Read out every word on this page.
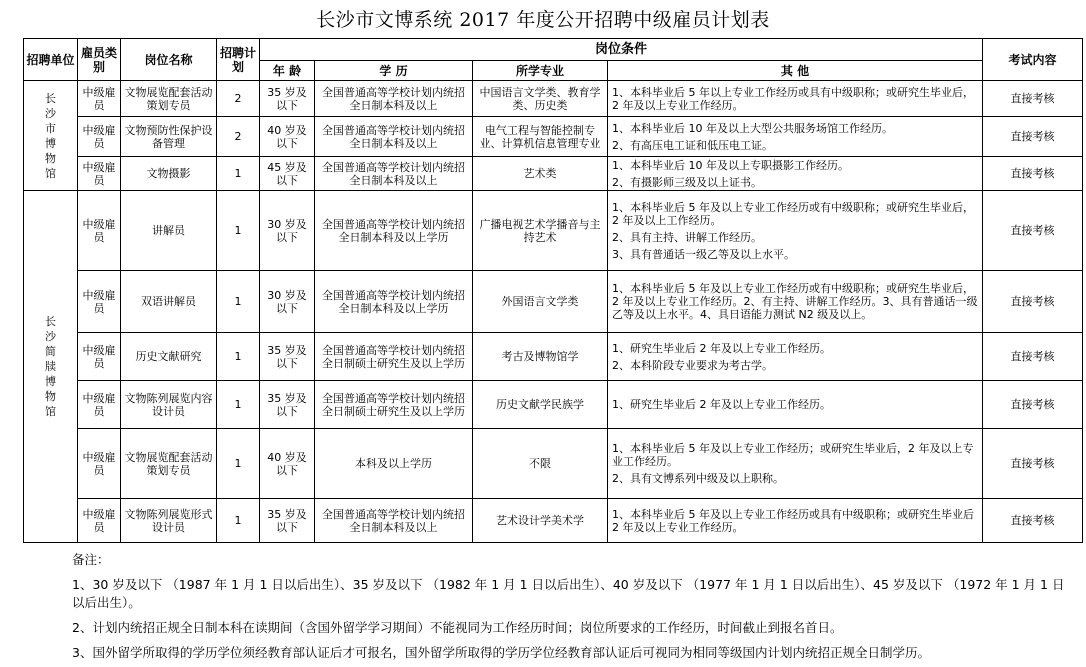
长沙市文博系统 2017 年度公开招聘中级雇员计划表
招聘单位	雇员类别	岗位名称	招聘计划	岗位条件				考试内容
				年 龄	学 历	所学专业	其 他	
长沙市博物馆	中级雇员	文物展览配套活动策划专员	2	35 岁及以下	全国普通高等学校计划内统招全日制本科及以上	中国语言文学类、教育学类、历史类	1、本科毕业后 5 年以上专业工作经历或具有中级职称；或研究生毕业后，2 年及以上专业工作经历。	直接考核
	中级雇员	文物预防性保护设备管理	2	40 岁及以下	全国普通高等学校计划内统招全日制本科及以上	电气工程与智能控制专业、计算机信息管理专业	1、本科毕业后 10 年及以上大型公共服务场馆工作经历。
2、有高压电工证和低压电工证。	直接考核
	中级雇员	文物摄影	1	45 岁及以下	全国普通高等学校计划内统招全日制本科及以上	艺术类	1、本科毕业后 10 年及以上专职摄影工作经历。
2、有摄影师三级及以上证书。	直接考核
长沙简牍博物馆	中级雇员	讲解员	1	30 岁及以下	全国普通高等学校计划内统招全日制本科及以上学历	广播电视艺术学播音与主持艺术	1、本科毕业后 5 年及以上专业工作经历或有中级职称；或研究生毕业后，2 年及以上工作经历。
2、具有主持、讲解工作经历。
3、具有普通话一级乙等及以上水平。	直接考核
	中级雇员	双语讲解员	1	30 岁及以下	全国普通高等学校计划内统招全日制本科及以上学历	外国语言文学类	1、本科毕业后 5 年及以上专业工作经历或有中级职称；或研究生毕业后，2 年及以上专业工作经历。2、有主持、讲解工作经历。3、具有普通话一级乙等及以上水平。4、具日语能力测试 N2 级及以上。	直接考核
	中级雇员	历史文献研究	1	35 岁及以下	全国普通高等学校计划内统招全日制硕士研究生及以上学历	考古及博物馆学	1、研究生毕业后 2 年及以上专业工作经历。
2、本科阶段专业要求为考古学。	直接考核
	中级雇员	文物陈列展览内容设计员	1	35 岁及以下	全国普通高等学校计划内统招全日制硕士研究生及以上学历	历史文献学民族学	1、研究生毕业后 2 年及以上专业工作经历。	直接考核
	中级雇员	文物展览配套活动策划专员	1	40 岁及以下	本科及以上学历	不限	1、本科毕业后 5 年及以上专业工作经历；或研究生毕业后，2 年及以上专业工作经历。
2、具有文博系列中级及以上职称。	直接考核
	中级雇员	文物陈列展览形式设计员	1	35 岁及以下	全国普通高等学校计划内统招全日制本科及以上	艺术设计学美术学	1、本科毕业后 5 年及以上专业工作经历或具有中级职称；或研究生毕业后 2 年及以上专业工作经历。	直接考核
备注：
1、30 岁及以下 （1987 年 1 月 1 日以后出生）、35 岁及以下 （1982 年 1 月 1 日以后出生）、40 岁及以下 （1977 年 1 月 1 日以后出生）、45 岁及以下 （1972 年 1 月 1 日以后出生）。
2、计划内统招正规全日制本科在读期间（含国外留学学习期间）不能视同为工作经历时间；岗位所要求的工作经历，时间截止到报名首日。
3、国外留学所取得的学历学位须经教育部认证后才可报名，国外留学所取得的学历学位经教育部认证后可视同为相同等级国内计划内统招正规全日制学历。
